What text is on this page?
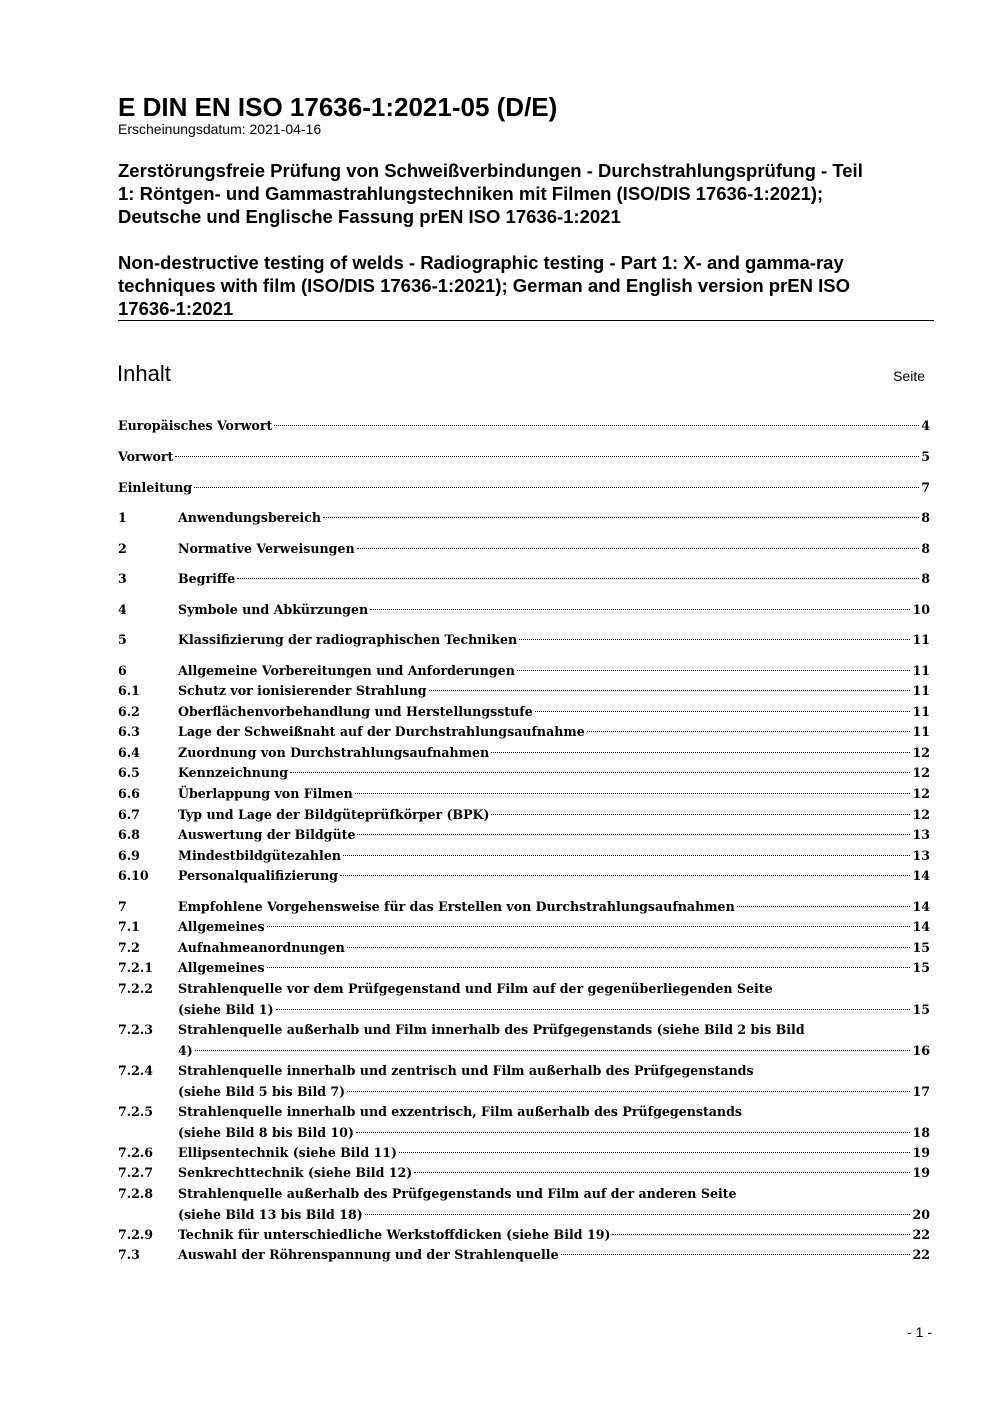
E DIN EN ISO 17636-1:2021-05 (D/E)
Erscheinungsdatum: 2021-04-16
Zerstörungsfreie Prüfung von Schweißverbindungen - Durchstrahlungsprüfung - Teil
1: Röntgen- und Gammastrahlungstechniken mit Filmen (ISO/DIS 17636-1:2021);
Deutsche und Englische Fassung prEN ISO 17636-1:2021
Non-destructive testing of welds - Radiographic testing - Part 1: X- and gamma-ray
techniques with film (ISO/DIS 17636-1:2021); German and English version prEN ISO
17636-1:2021
Inhalt	Seite
Europäisches Vorwort	4
Vorwort	5
Einleitung	7
1	Anwendungsbereich	8
2	Normative Verweisungen	8
3	Begriffe	8
4	Symbole und Abkürzungen	10
5	Klassifizierung der radiographischen Techniken	11
6	Allgemeine Vorbereitungen und Anforderungen	11
6.1	Schutz vor ionisierender Strahlung	11
6.2	Oberflächenvorbehandlung und Herstellungsstufe	11
6.3	Lage der Schweißnaht auf der Durchstrahlungsaufnahme	11
6.4	Zuordnung von Durchstrahlungsaufnahmen	12
6.5	Kennzeichnung	12
6.6	Überlappung von Filmen	12
6.7	Typ und Lage der Bildgüteprüfkörper (BPK)	12
6.8	Auswertung der Bildgüte	13
6.9	Mindestbildgütezahlen	13
6.10 Personalqualifizierung	14
7	Empfohlene Vorgehensweise für das Erstellen von Durchstrahlungsaufnahmen	14
7.1	Allgemeines	14
7.2	Aufnahmeanordnungen	15
7.2.1 Allgemeines	15
7.2.2 Strahlenquelle vor dem Prüfgegenstand und Film auf der gegenüberliegenden Seite
(siehe Bild 1)	15
7.2.3 Strahlenquelle außerhalb und Film innerhalb des Prüfgegenstands (siehe Bild 2 bis Bild
4)	16
7.2.4 Strahlenquelle innerhalb und zentrisch und Film außerhalb des Prüfgegenstands
(siehe Bild 5 bis Bild 7)	17
7.2.5 Strahlenquelle innerhalb und exzentrisch, Film außerhalb des Prüfgegenstands
(siehe Bild 8 bis Bild 10)	18
7.2.6 Ellipsentechnik (siehe Bild 11)	19
7.2.7 Senkrechttechnik (siehe Bild 12)	19
7.2.8 Strahlenquelle außerhalb des Prüfgegenstands und Film auf der anderen Seite
(siehe Bild 13 bis Bild 18)	20
7.2.9 Technik für unterschiedliche Werkstoffdicken (siehe Bild 19)	22
7.3	Auswahl der Röhrenspannung und der Strahlenquelle	22
- 1 -
